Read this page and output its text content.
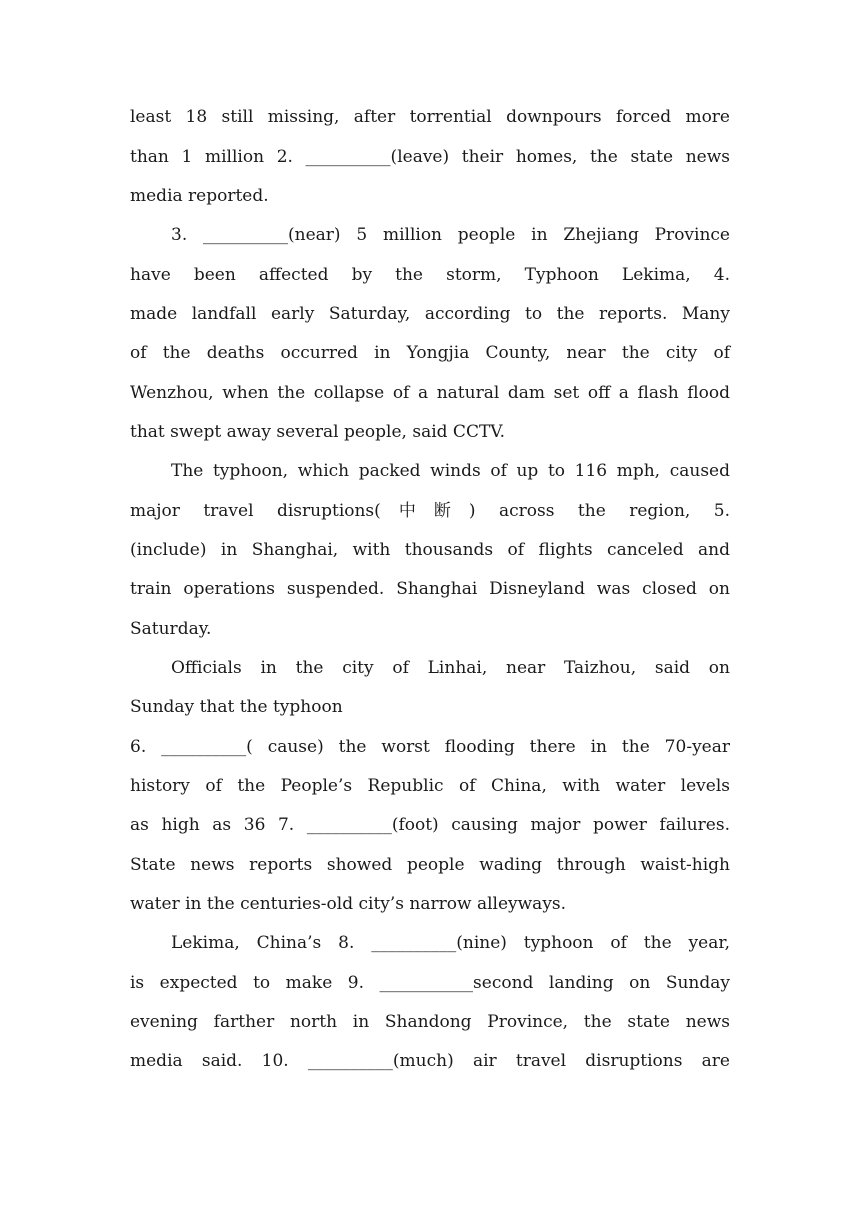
least 18 still missing, after torrential downpours forced more
than 1 million 2. __________(leave) their homes, the state news
media reported.
3. __________(near) 5 million people in Zhejiang Province
have been affected by the storm, Typhoon Lekima, 4.
made landfall early Saturday, according to the reports. Many
of the deaths occurred in Yongjia County, near the city of
Wenzhou, when the collapse of a natural dam set off a flash flood
that swept away several people, said CCTV.
The typhoon, which packed winds of up to 116 mph, caused
major travel disruptions(中断) across the region, 5.
(include) in Shanghai, with thousands of flights canceled and
train operations suspended. Shanghai Disneyland was closed on
Saturday.
Officials in the city of Linhai, near Taizhou, said on
Sunday that the typhoon
6. __________( cause) the worst flooding there in the 70-year
history of the People’s Republic of China, with water levels
as high as 36 7. __________(foot) causing major power failures.
State news reports showed people wading through waist-high
water in the centuries-old city’s narrow alleyways.
Lekima, China’s 8. __________(nine) typhoon of the year,
is expected to make 9. ___________second landing on Sunday
evening farther north in Shandong Province, the state news
media said. 10. __________(much) air travel disruptions are
